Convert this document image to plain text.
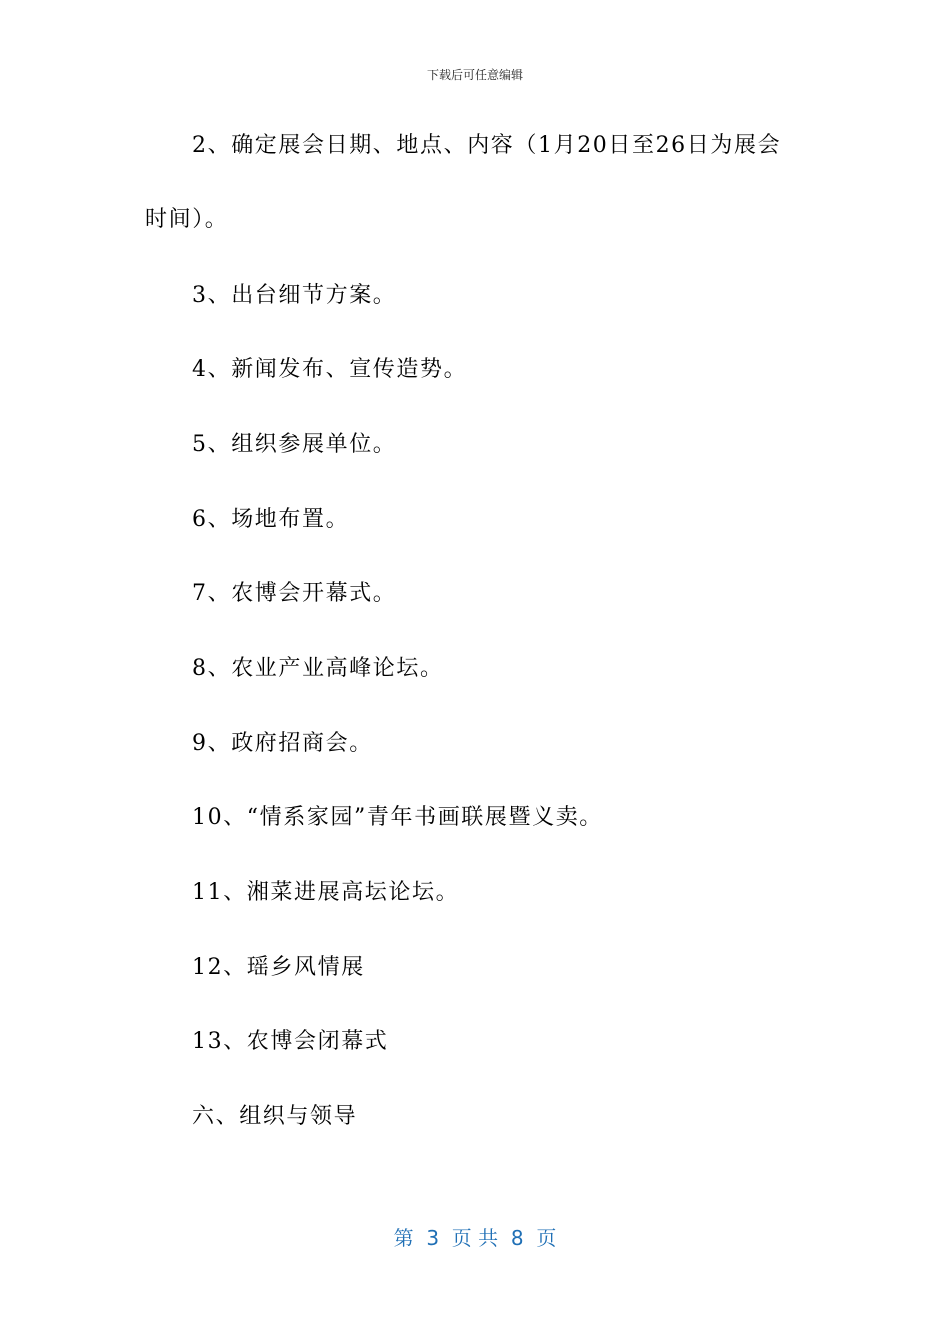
下载后可任意编辑
2、确定展会日期、地点、内容（1月20日至26日为展会
时间）。
3、出台细节方案。
4、新闻发布、宣传造势。
5、组织参展单位。
6、场地布置。
7、农博会开幕式。
8、农业产业高峰论坛。
9、政府招商会。
10、“情系家园”青年书画联展暨义卖。
11、湘菜进展高坛论坛。
12、瑶乡风情展
13、农博会闭幕式
六、组织与领导
第  3  页 共  8  页
